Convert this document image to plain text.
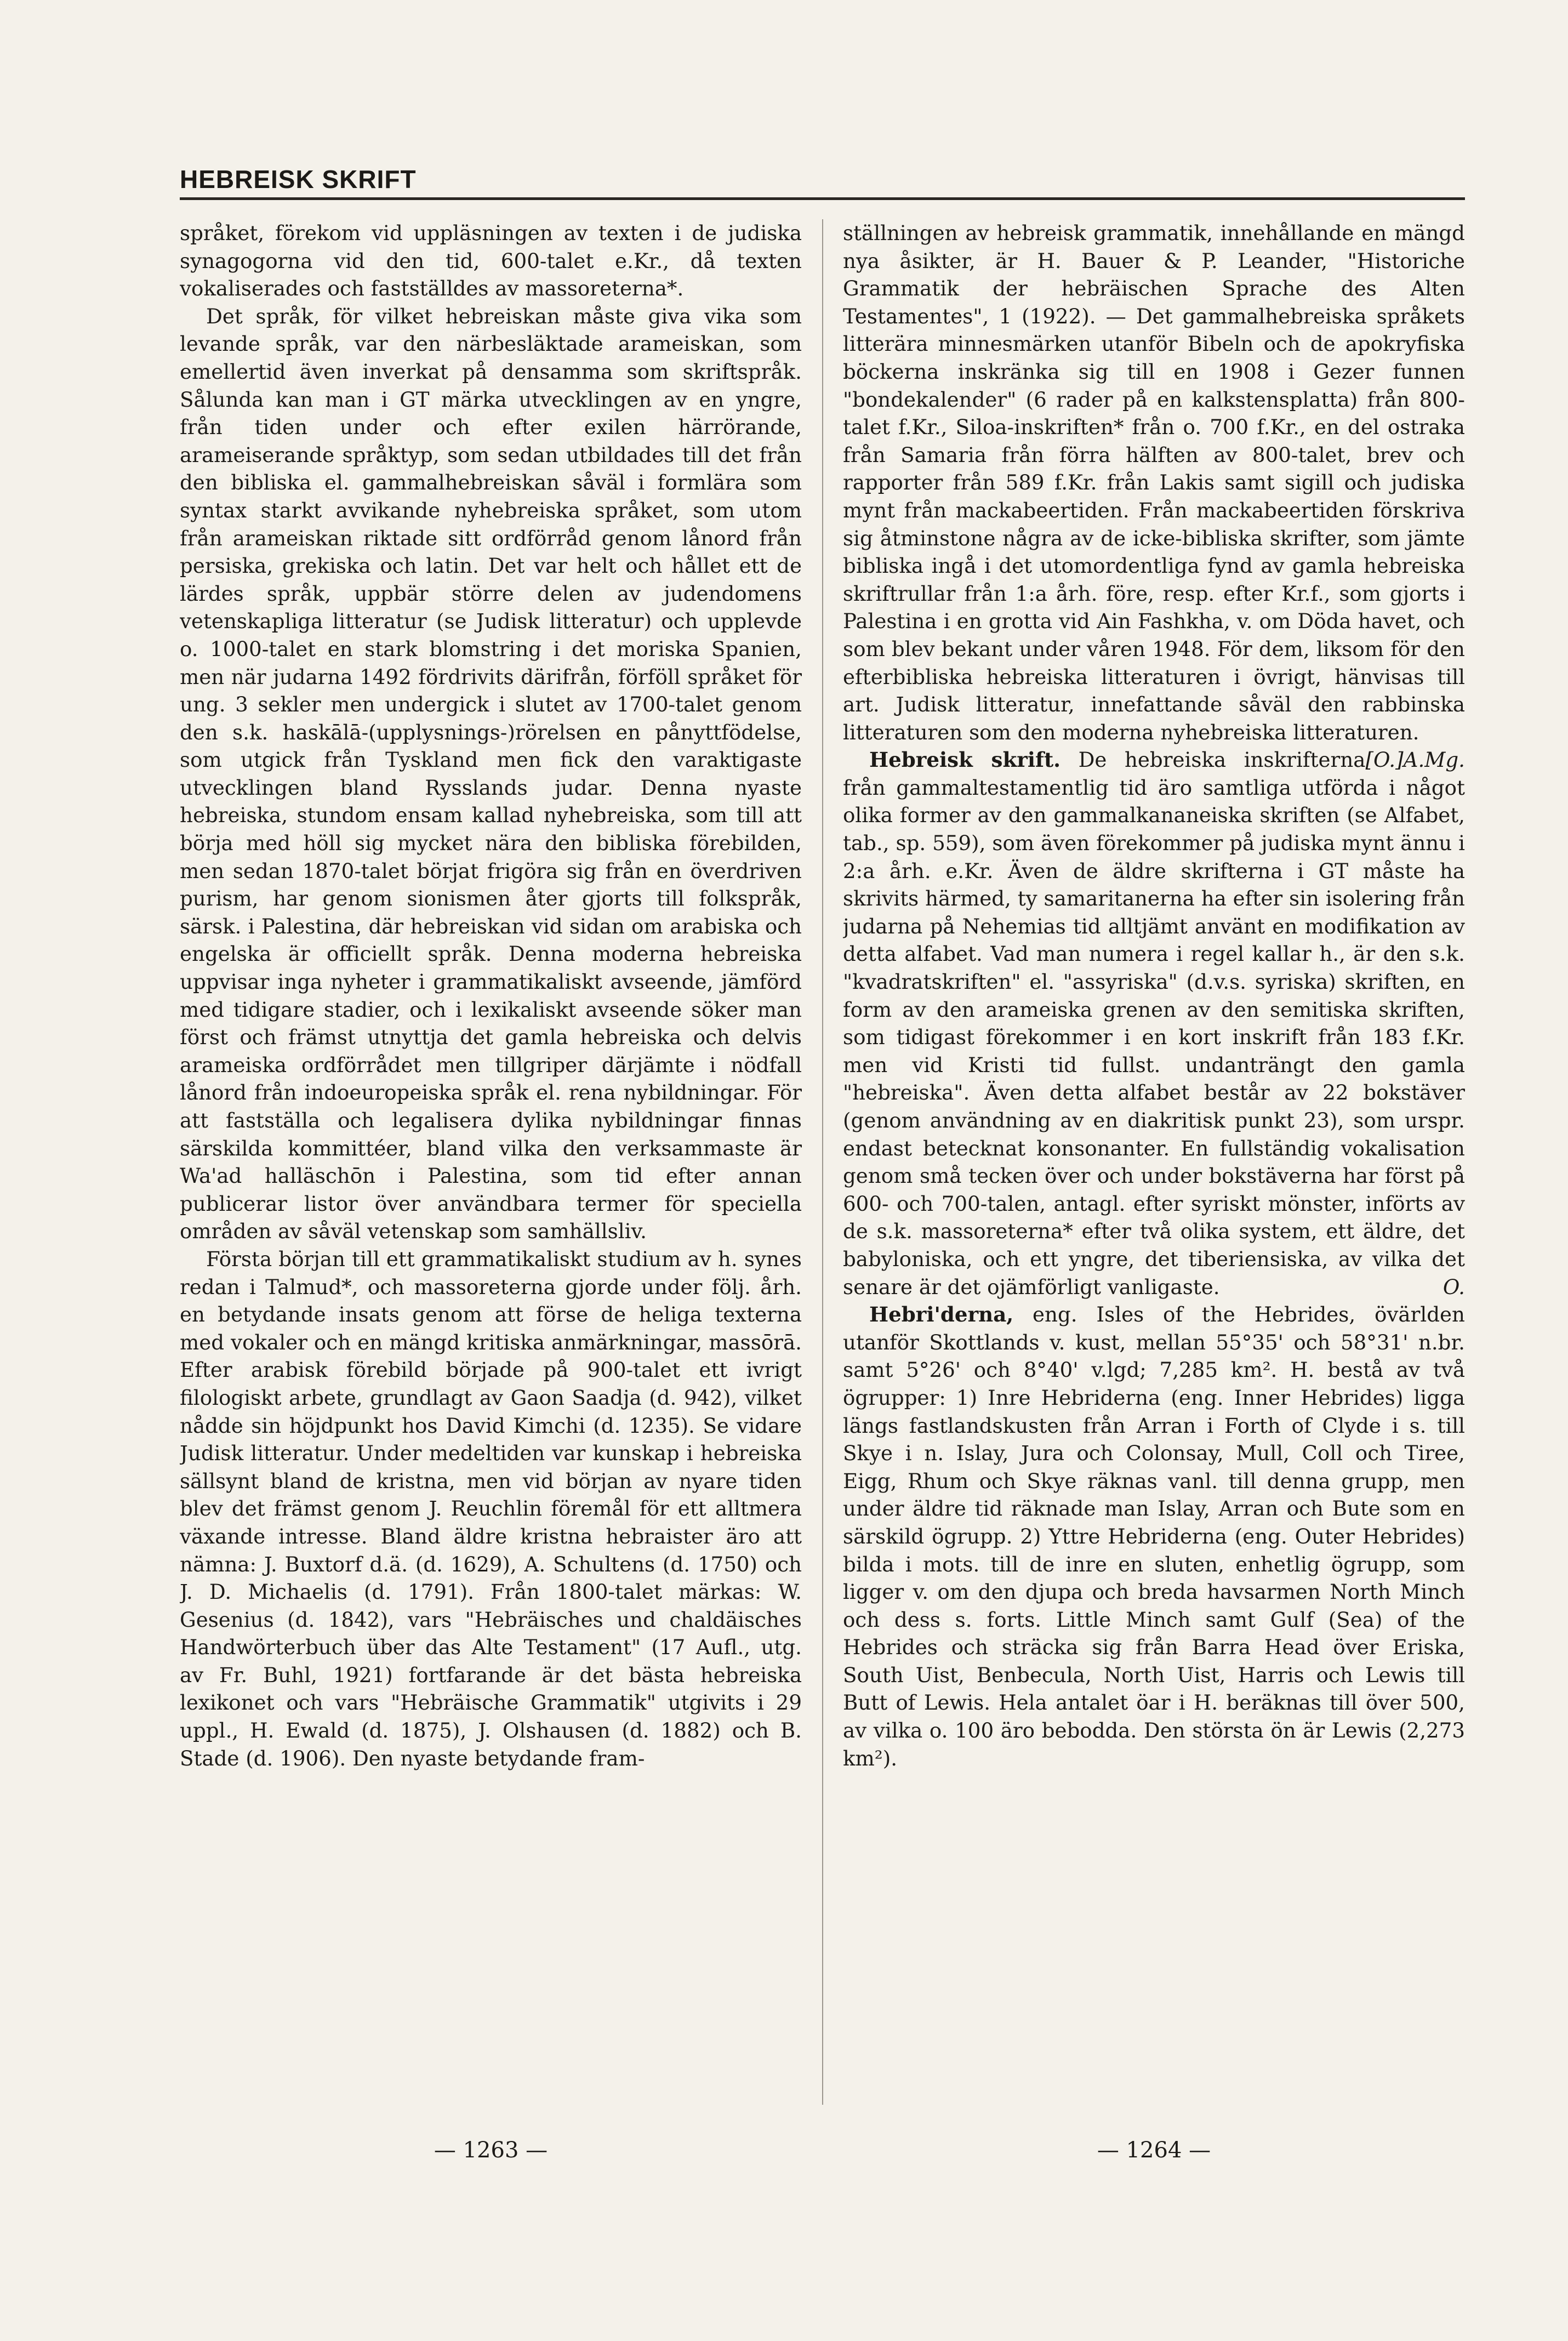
HEBREISK SKRIFT

språket, förekom vid uppläsningen av texten i de judiska synagogorna vid den tid, 600-talet e.Kr., då texten vokaliserades och fastställdes av massoreterna*.

Det språk, för vilket hebreiskan måste giva vika som levande språk, var den närbesläktade arameiskan, som emellertid även inverkat på densamma som skriftspråk. Sålunda kan man i GT märka utvecklingen av en yngre, från tiden under och efter exilen härrörande, arameiserande språktyp, som sedan utbildades till det från den bibliska el. gammalhebreiskan såväl i formlära som syntax starkt avvikande nyhebreiska språket, som utom från arameiskan riktade sitt ordförråd genom lånord från persiska, grekiska och latin. Det var helt och hållet ett de lärdes språk, uppbär större delen av judendomens vetenskapliga litteratur (se Judisk litteratur) och upplevde o. 1000-talet en stark blomstring i det moriska Spanien, men när judarna 1492 fördrivits därifrån, förföll språket för ung. 3 sekler men undergick i slutet av 1700-talet genom den s.k. haskālā-(upplysnings-)rörelsen en pånyttfödelse, som utgick från Tyskland men fick den varaktigaste utvecklingen bland Rysslands judar. Denna nyaste hebreiska, stundom ensam kallad nyhebreiska, som till att börja med höll sig mycket nära den bibliska förebilden, men sedan 1870-talet börjat frigöra sig från en överdriven purism, har genom sionismen åter gjorts till folkspråk, särsk. i Palestina, där hebreiskan vid sidan om arabiska och engelska är officiellt språk. Denna moderna hebreiska uppvisar inga nyheter i grammatikaliskt avseende, jämförd med tidigare stadier, och i lexikaliskt avseende söker man först och främst utnyttja det gamla hebreiska och delvis arameiska ordförrådet men tillgriper därjämte i nödfall lånord från indoeuropeiska språk el. rena nybildningar. För att fastställa och legalisera dylika nybildningar finnas särskilda kommittéer, bland vilka den verksammaste är Wa'ad halläschōn i Palestina, som tid efter annan publicerar listor över användbara termer för speciella områden av såväl vetenskap som samhällsliv.

Första början till ett grammatikaliskt studium av h. synes redan i Talmud*, och massoreterna gjorde under följ. årh. en betydande insats genom att förse de heliga texterna med vokaler och en mängd kritiska anmärkningar, massōrā. Efter arabisk förebild började på 900-talet ett ivrigt filologiskt arbete, grundlagt av Gaon Saadja (d. 942), vilket nådde sin höjdpunkt hos David Kimchi (d. 1235). Se vidare Judisk litteratur. Under medeltiden var kunskap i hebreiska sällsynt bland de kristna, men vid början av nyare tiden blev det främst genom J. Reuchlin föremål för ett alltmera växande intresse. Bland äldre kristna hebraister äro att nämna: J. Buxtorf d.ä. (d. 1629), A. Schultens (d. 1750) och J. D. Michaelis (d. 1791). Från 1800-talet märkas: W. Gesenius (d. 1842), vars "Hebräisches und chaldäisches Handwörterbuch über das Alte Testament" (17 Aufl., utg. av Fr. Buhl, 1921) fortfarande är det bästa hebreiska lexikonet och vars "Hebräische Grammatik" utgivits i 29 uppl., H. Ewald (d. 1875), J. Olshausen (d. 1882) och B. Stade (d. 1906). Den nyaste betydande fram-

ställningen av hebreisk grammatik, innehållande en mängd nya åsikter, är H. Bauer & P. Leander, "Historiche Grammatik der hebräischen Sprache des Alten Testamentes", 1 (1922). — Det gammalhebreiska språkets litterära minnesmärken utanför Bibeln och de apokryfiska böckerna inskränka sig till en 1908 i Gezer funnen "bondekalender" (6 rader på en kalkstensplatta) från 800-talet f.Kr., Siloa-inskriften* från o. 700 f.Kr., en del ostraka från Samaria från förra hälften av 800-talet, brev och rapporter från 589 f.Kr. från Lakis samt sigill och judiska mynt från mackabeertiden. Från mackabeertiden förskriva sig åtminstone några av de icke-bibliska skrifter, som jämte bibliska ingå i det utomordentliga fynd av gamla hebreiska skriftrullar från 1:a årh. före, resp. efter Kr.f., som gjorts i Palestina i en grotta vid Ain Fashkha, v. om Döda havet, och som blev bekant under våren 1948. För dem, liksom för den efterbibliska hebreiska litteraturen i övrigt, hänvisas till art. Judisk litteratur, innefattande såväl den rabbinska litteraturen som den moderna nyhebreiska litteraturen.
[O.]A.Mg.

Hebreisk skrift. De hebreiska inskrifterna från gammaltestamentlig tid äro samtliga utförda i något olika former av den gammalkananeiska skriften (se Alfabet, tab., sp. 559), som även förekommer på judiska mynt ännu i 2:a årh. e.Kr. Även de äldre skrifterna i GT måste ha skrivits härmed, ty samaritanerna ha efter sin isolering från judarna på Nehemias tid alltjämt använt en modifikation av detta alfabet. Vad man numera i regel kallar h., är den s.k. "kvadratskriften" el. "assyriska" (d.v.s. syriska) skriften, en form av den arameiska grenen av den semitiska skriften, som tidigast förekommer i en kort inskrift från 183 f.Kr. men vid Kristi tid fullst. undanträngt den gamla "hebreiska". Även detta alfabet består av 22 bokstäver (genom användning av en diakritisk punkt 23), som urspr. endast betecknat konsonanter. En fullständig vokalisation genom små tecken över och under bokstäverna har först på 600- och 700-talen, antagl. efter syriskt mönster, införts av de s.k. massoreterna* efter två olika system, ett äldre, det babyloniska, och ett yngre, det tiberiensiska, av vilka det senare är det ojämförligt vanligaste.	O.

Hebri'derna, eng. Isles of the Hebrides, övärlden utanför Skottlands v. kust, mellan 55°35' och 58°31' n.br. samt 5°26' och 8°40' v.lgd; 7,285 km². H. bestå av två ögrupper: 1) Inre Hebriderna (eng. Inner Hebrides) ligga längs fastlandskusten från Arran i Forth of Clyde i s. till Skye i n. Islay, Jura och Colonsay, Mull, Coll och Tiree, Eigg, Rhum och Skye räknas vanl. till denna grupp, men under äldre tid räknade man Islay, Arran och Bute som en särskild ögrupp. 2) Yttre Hebriderna (eng. Outer Hebrides) bilda i mots. till de inre en sluten, enhetlig ögrupp, som ligger v. om den djupa och breda havsarmen North Minch och dess s. forts. Little Minch samt Gulf (Sea) of the Hebrides och sträcka sig från Barra Head över Eriska, South Uist, Benbecula, North Uist, Harris och Lewis till Butt of Lewis. Hela antalet öar i H. beräknas till över 500, av vilka o. 100 äro bebodda. Den största ön är Lewis (2,273 km²).

— 1263 —	— 1264 —
